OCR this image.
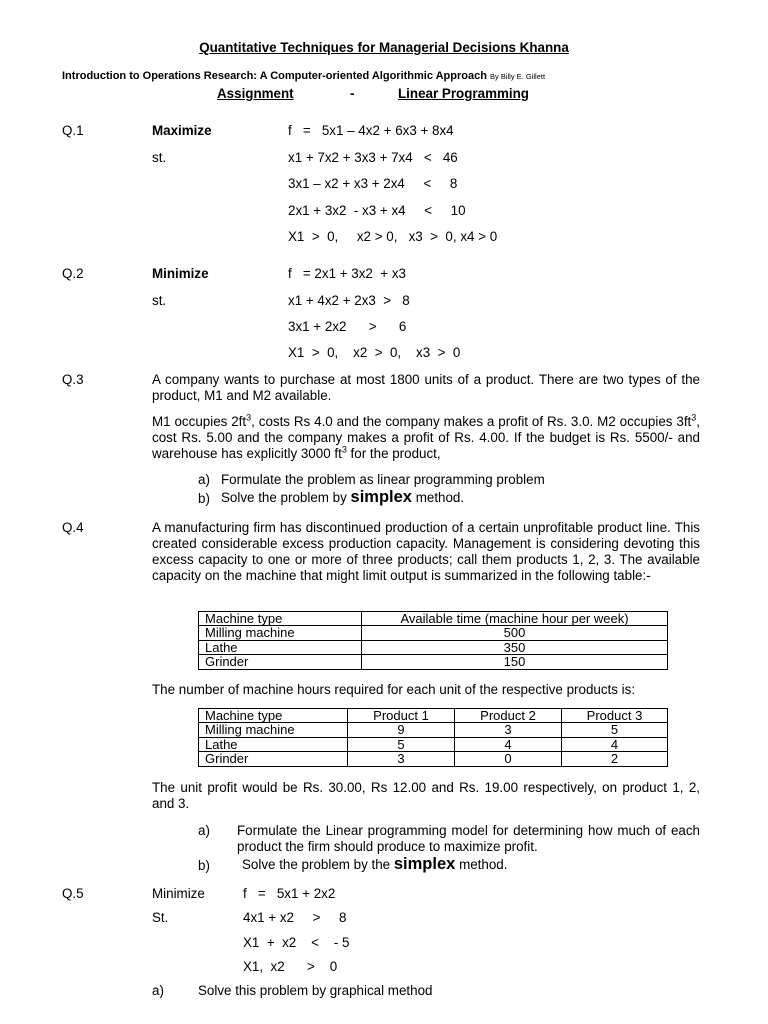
Quantitative Techniques for Managerial Decisions Khanna
Introduction to Operations Research: A Computer-oriented Algorithmic Approach By Billy E. Gillett
Assignment	-	Linear Programming
Q.1	Maximize	f   =   5x1 – 4x2 + 6x3 + 8x4
st.	x1 + 7x2 + 3x3 + 7x4   <   46
3x1 – x2 + x3 + 2x4     <     8
2x1 + 3x2  - x3 + x4     <     10
X1  >  0,     x2 > 0,   x3  >  0, x4 > 0
Q.2	Minimize	f   = 2x1 + 3x2  + x3
st.	x1 + 4x2 + 2x3  >   8
3x1 + 2x2      >      6
X1  >  0,    x2  >  0,    x3  >  0
Q.3	A company wants to purchase at most 1800 units of a product. There are two types of the product, M1 and M2 available.
M1 occupies $2ft^3$, costs Rs 4.0 and the company makes a profit of Rs. 3.0. M2 occupies $3ft^3$, cost Rs. 5.00 and the company makes a profit of Rs. 4.00. If the budget is Rs. 5500/- and warehouse has explicitly 3000 $ft^3$ for the product,
a) Formulate the problem as linear programming problem
b) Solve the problem by simplex method.
Q.4	A manufacturing firm has discontinued production of a certain unprofitable product line. This created considerable excess production capacity. Management is considering devoting this excess capacity to one or more of three products; call them products 1, 2, 3. The available capacity on the machine that might limit output is summarized in the following table:-
Machine type	Available time (machine hour per week)
Milling machine	500
Lathe	350
Grinder	150
The number of machine hours required for each unit of the respective products is:
Machine type	Product 1	Product 2	Product 3
Milling machine	9	3	5
Lathe	5	4	4
Grinder	3	0	2
The unit profit would be Rs. 30.00, Rs 12.00 and Rs. 19.00 respectively, on product 1, 2, and 3.
a) Formulate the Linear programming model for determining how much of each product the firm should produce to maximize profit.
b) Solve the problem by the simplex method.
Q.5	Minimize	f   =   5x1 + 2x2
St.	4x1 + x2     >     8
X1  +  x2    <    - 5
X1,  x2      >    0
a)	Solve this problem by graphical method
